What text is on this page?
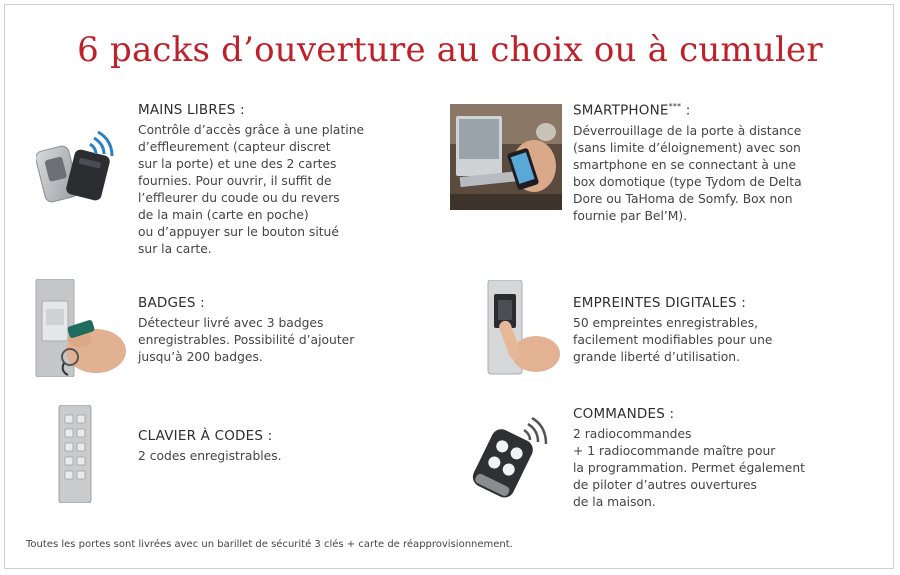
6 packs d’ouverture au choix ou à cumuler
MAINS LIBRES :
Contrôle d’accès grâce à une platine
d’effleurement (capteur discret
sur la porte) et une des 2 cartes
fournies. Pour ouvrir, il suffit de
l’effleurer du coude ou du revers
de la main (carte en poche)
ou d’appuyer sur le bouton situé
sur la carte.
SMARTPHONE*** :
Déverrouillage de la porte à distance
(sans limite d’éloignement) avec son
smartphone en se connectant à une
box domotique (type Tydom de Delta
Dore ou TaHoma de Somfy. Box non
fournie par Bel’M).
BADGES :
Détecteur livré avec 3 badges
enregistrables. Possibilité d’ajouter
jusqu’à 200 badges.
EMPREINTES DIGITALES :
50 empreintes enregistrables,
facilement modifiables pour une
grande liberté d’utilisation.
CLAVIER À CODES :
2 codes enregistrables.
COMMANDES :
2 radiocommandes
+ 1 radiocommande maître pour
la programmation. Permet également
de piloter d’autres ouvertures
de la maison.
Toutes les portes sont livrées avec un barillet de sécurité 3 clés + carte de réapprovisionnement.
